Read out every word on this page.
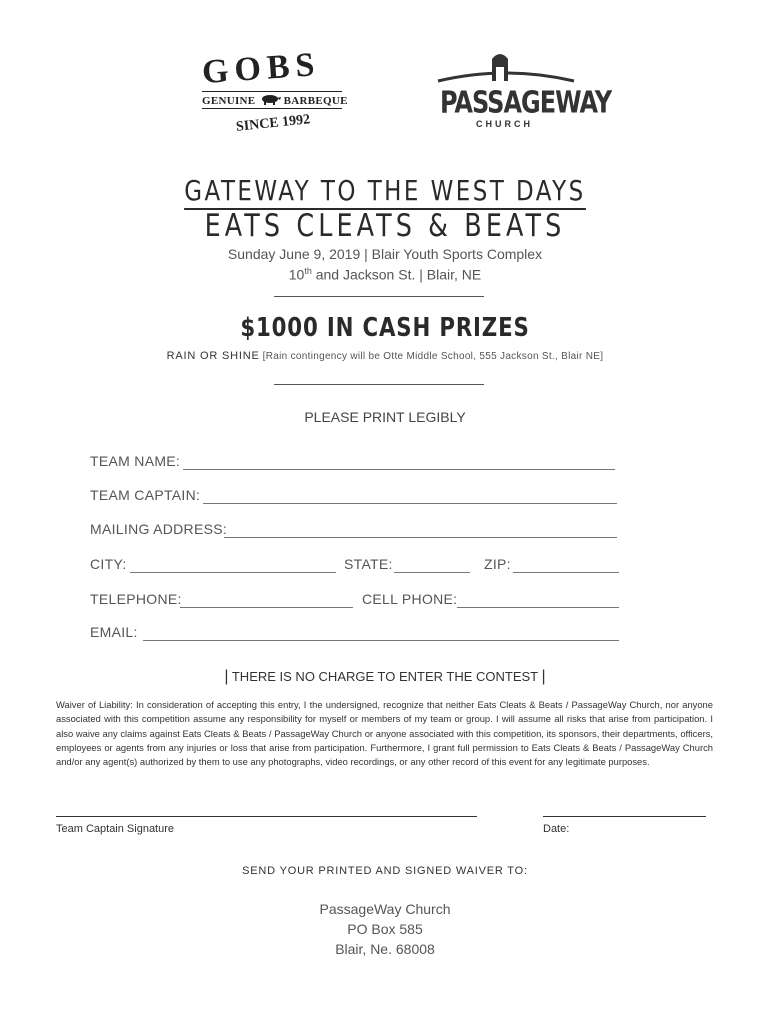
GOBS
GENUINE	BARBEQUE
SINCE 1992
PASSAGEWAY
CHURCH
GATEWAY TO THE WEST DAYS
EATS CLEATS & BEATS
Sunday June 9, 2019 | Blair Youth Sports Complex
10th and Jackson St. | Blair, NE
$1000 IN CASH PRIZES
RAIN OR SHINE [Rain contingency will be Otte Middle School, 555 Jackson St., Blair NE]
PLEASE PRINT LEGIBLY
TEAM NAME:
TEAM CAPTAIN:
MAILING ADDRESS:
CITY:	STATE:	ZIP:
TELEPHONE:	CELL PHONE:
EMAIL:
| THERE IS NO CHARGE TO ENTER THE CONTEST |
Waiver of Liability: In consideration of accepting this entry, I the undersigned, recognize that neither Eats Cleats & Beats / PassageWay Church, nor anyone associated with this competition assume any responsibility for myself or members of my team or group. I will assume all risks that arise from participation. I also waive any claims against Eats Cleats & Beats / PassageWay Church or anyone associated with this competition, its sponsors, their departments, officers, employees or agents from any injuries or loss that arise from participation. Furthermore, I grant full permission to Eats Cleats & Beats / PassageWay Church and/or any agent(s) authorized by them to use any photographs, video recordings, or any other record of this event for any legitimate purposes.
Team Captain Signature	Date:
SEND YOUR PRINTED AND SIGNED WAIVER TO:
PassageWay Church
PO Box 585
Blair, Ne. 68008
